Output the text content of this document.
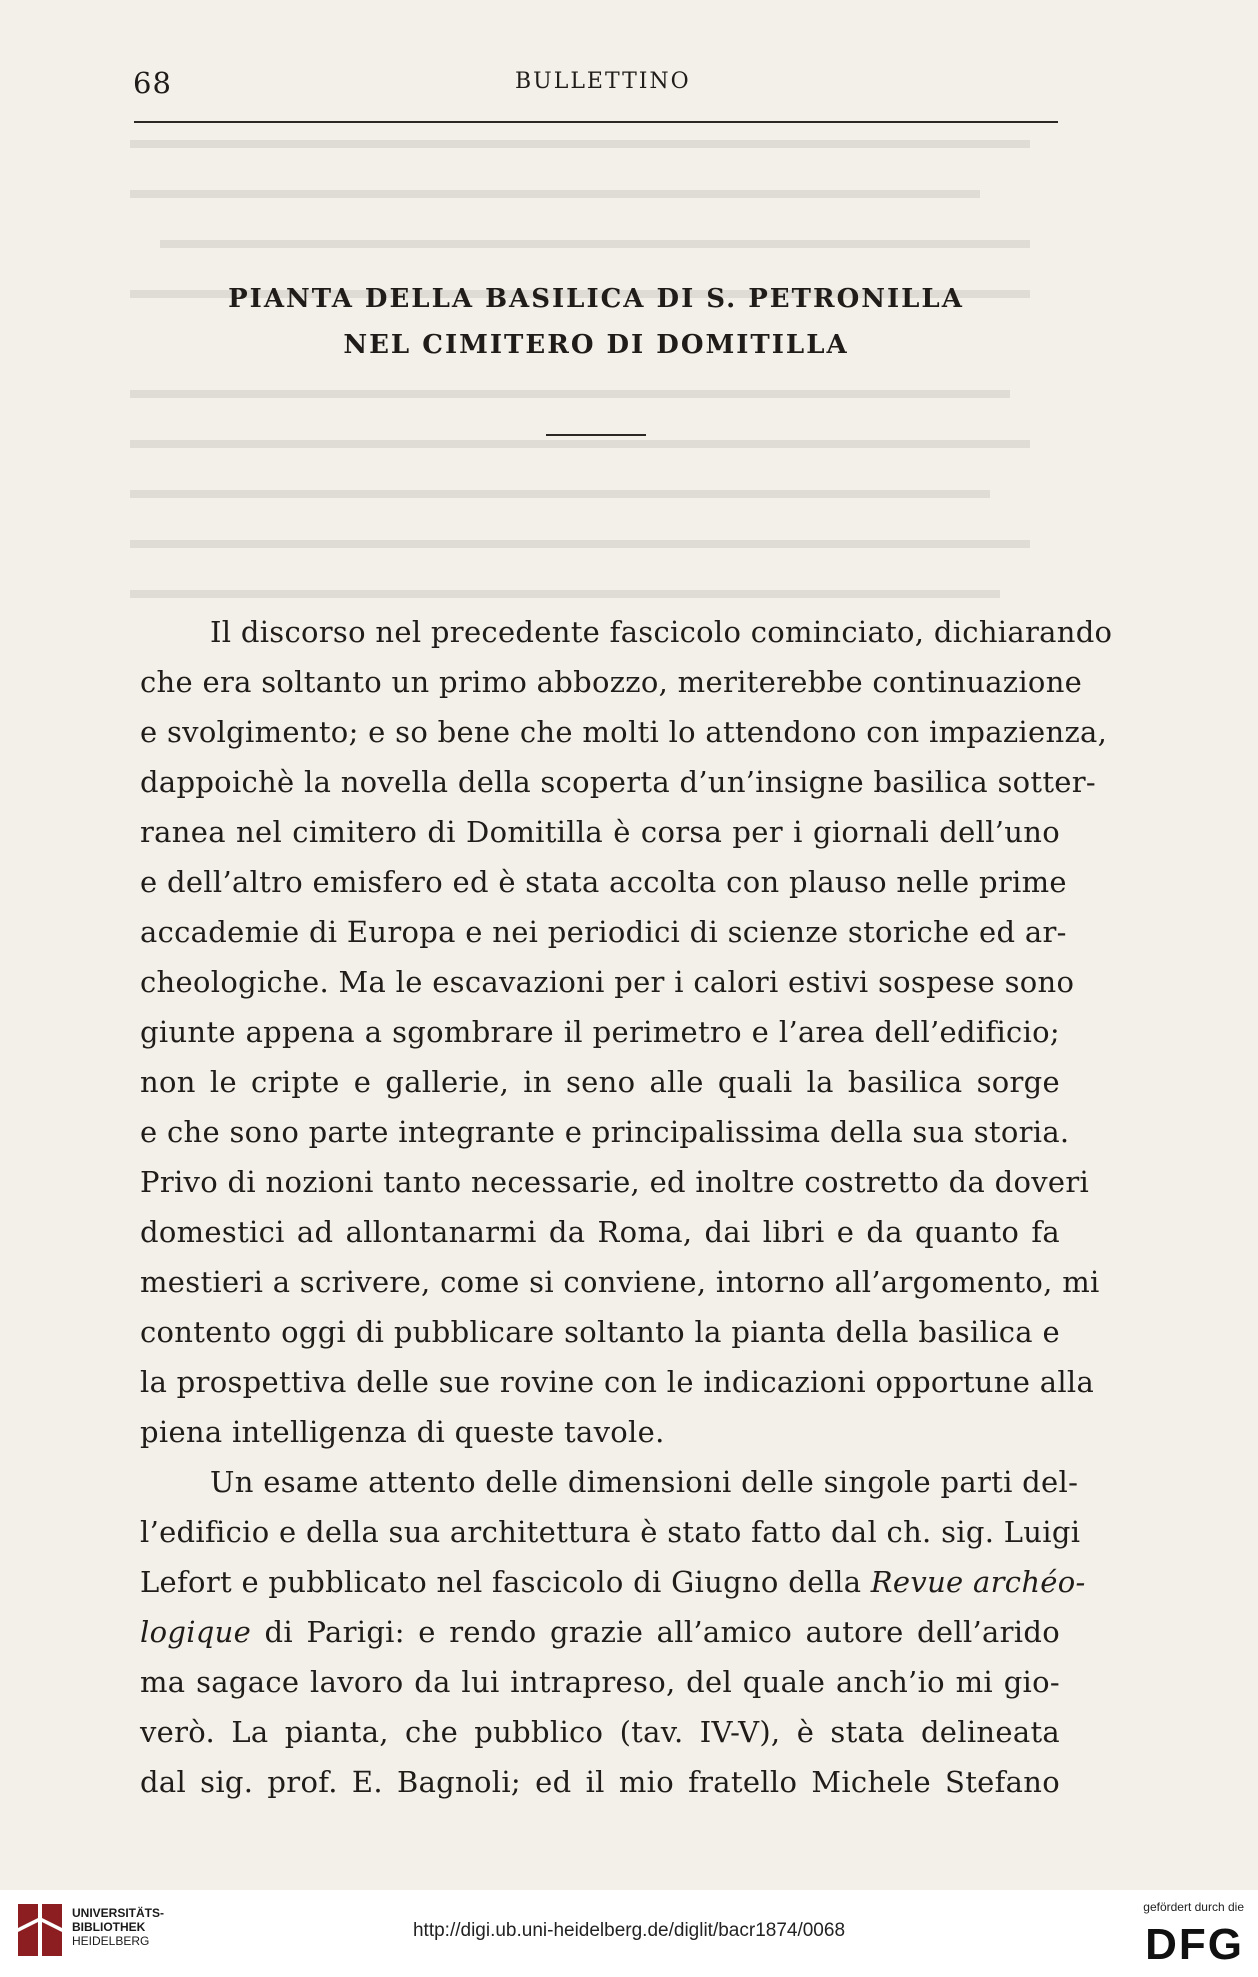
68	BULLETTINO
PIANTA DELLA BASILICA DI S. PETRONILLA
NEL CIMITERO DI DOMITILLA
Il discorso nel precedente fascicolo cominciato, dichiarando
che era soltanto un primo abbozzo, meriterebbe continuazione
e svolgimento; e so bene che molti lo attendono con impazienza,
dappoichè la novella della scoperta d’un’insigne basilica sotter-
ranea nel cimitero di Domitilla è corsa per i giornali dell’uno
e dell’altro emisfero ed è stata accolta con plauso nelle prime
accademie di Europa e nei periodici di scienze storiche ed ar-
cheologiche. Ma le escavazioni per i calori estivi sospese sono
giunte appena a sgombrare il perimetro e l’area dell’edificio;
non le cripte e gallerie, in seno alle quali la basilica sorge
e che sono parte integrante e principalissima della sua storia.
Privo di nozioni tanto necessarie, ed inoltre costretto da doveri
domestici ad allontanarmi da Roma, dai libri e da quanto fa
mestieri a scrivere, come si conviene, intorno all’argomento, mi
contento oggi di pubblicare soltanto la pianta della basilica e
la prospettiva delle sue rovine con le indicazioni opportune alla
piena intelligenza di queste tavole.
Un esame attento delle dimensioni delle singole parti del-
l’edificio e della sua architettura è stato fatto dal ch. sig. Luigi
Lefort e pubblicato nel fascicolo di Giugno della Revue archéo-
logique di Parigi: e rendo grazie all’amico autore dell’arido
ma sagace lavoro da lui intrapreso, del quale anch’io mi gio-
verò. La pianta, che pubblico (tav. IV-V), è stata delineata
dal sig. prof. E. Bagnoli; ed il mio fratello Michele Stefano
UNIVERSITÄTS-
BIBLIOTHEK
HEIDELBERG	http://digi.ub.uni-heidelberg.de/diglit/bacr1874/0068
gefördert durch die
DFG
